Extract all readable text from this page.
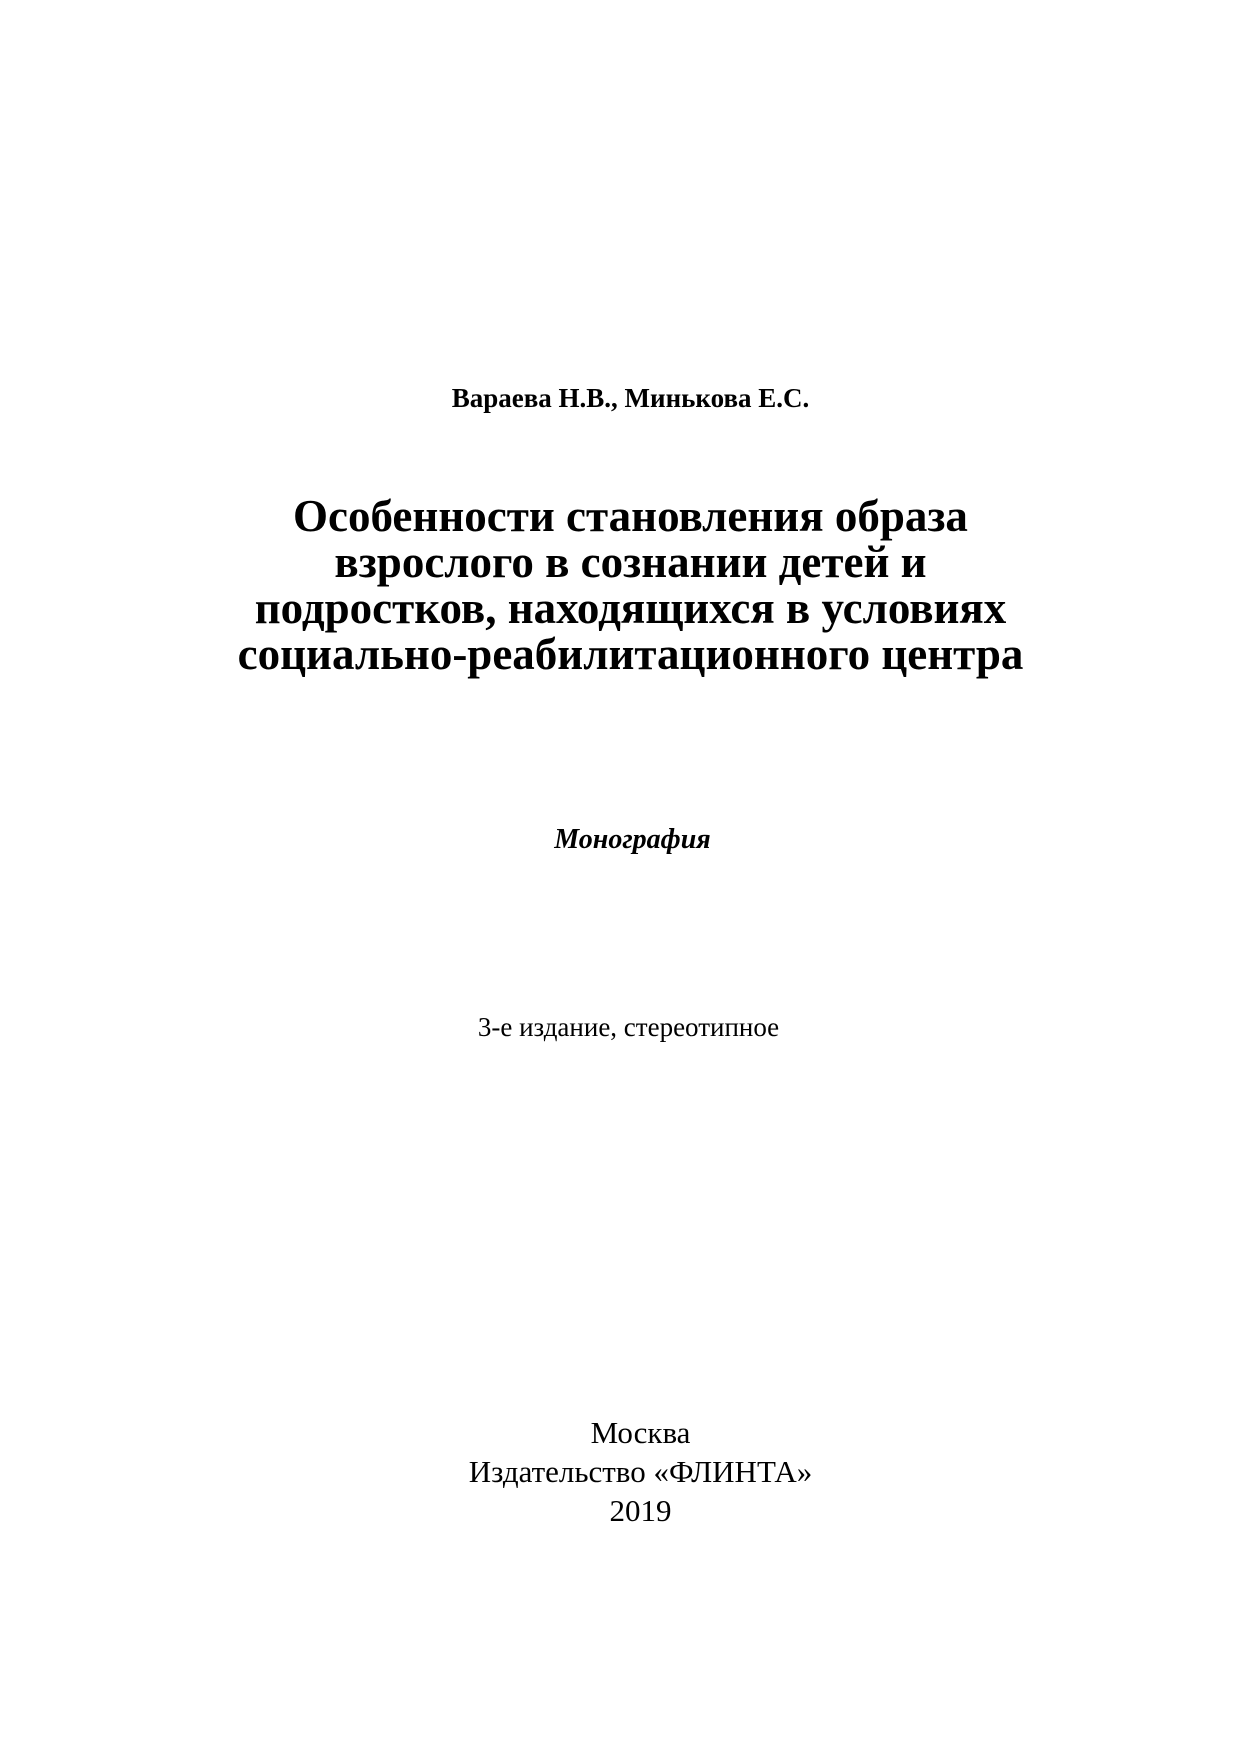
Вараева Н.В., Минькова Е.С.
Особенности становления образа
взрослого в сознании детей и
подростков, находящихся в условиях
социально-реабилитационного центра
Монография
3-е издание, стереотипное
Москва
Издательство «ФЛИНТА»
2019
